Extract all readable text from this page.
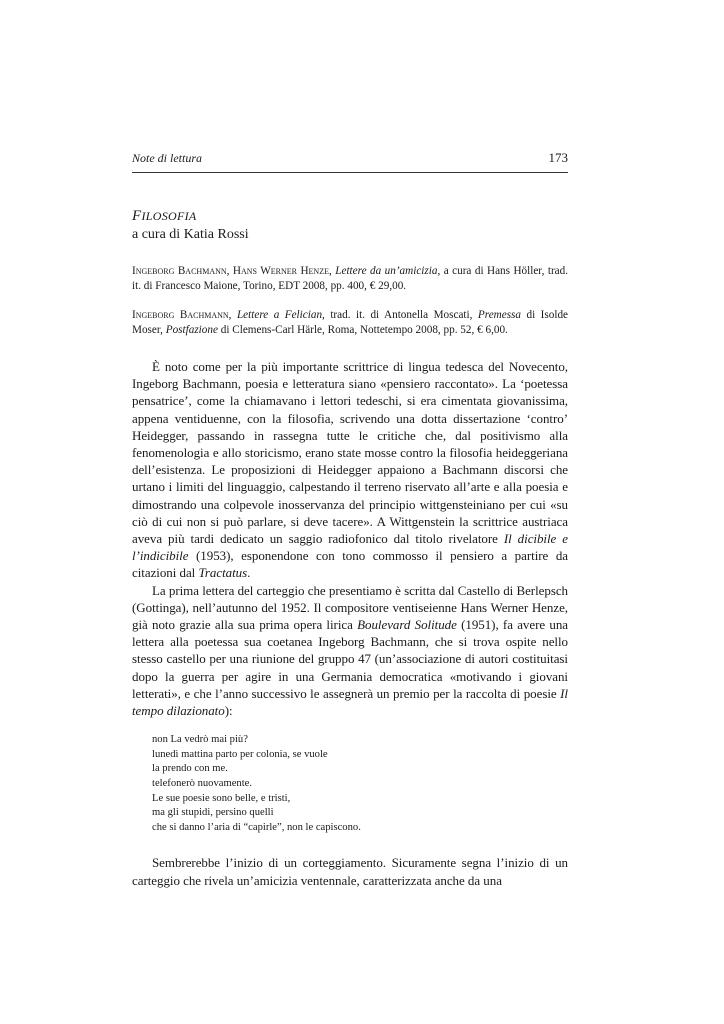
Note di lettura	173
FILOSOFIA
a cura di Katia Rossi
Ingeborg Bachmann, Hans Werner Henze, Lettere da un’amicizia, a cura di Hans Höller, trad. it. di Francesco Maione, Torino, EDT 2008, pp. 400, € 29,00.
Ingeborg Bachmann, Lettere a Felician, trad. it. di Antonella Moscati, Premessa di Isolde Moser, Postfazione di Clemens-Carl Härle, Roma, Nottetempo 2008, pp. 52, € 6,00.

È noto come per la più importante scrittrice di lingua tedesca del Novecento, Ingeborg Bachmann, poesia e letteratura siano «pensiero raccontato». La ‘poetessa pensatrice’, come la chiamavano i lettori tedeschi, si era cimentata giovanissima, appena ventiduenne, con la filosofia, scrivendo una dotta dissertazione ‘contro’ Heidegger, passando in rassegna tutte le critiche che, dal positivismo alla fenomenologia e allo storicismo, erano state mosse contro la filosofia heideggeriana dell’esistenza. Le proposizioni di Heidegger appaiono a Bachmann discorsi che urtano i limiti del linguaggio, calpestando il terreno riservato all’arte e alla poesia e dimostrando una colpevole inosservanza del principio wittgensteiniano per cui «su ciò di cui non si può parlare, si deve tacere». A Wittgenstein la scrittrice austriaca aveva più tardi dedicato un saggio radiofonico dal titolo rivelatore Il dicibile e l’indicibile (1953), esponendone con tono commosso il pensiero a partire da citazioni dal Tractatus.

La prima lettera del carteggio che presentiamo è scritta dal Castello di Berlepsch (Gottinga), nell’autunno del 1952. Il compositore ventiseienne Hans Werner Henze, già noto grazie alla sua prima opera lirica Boulevard Solitude (1951), fa avere una lettera alla poetessa sua coetanea Ingeborg Bachmann, che si trova ospite nello stesso castello per una riunione del gruppo 47 (un’associazione di autori costituitasi dopo la guerra per agire in una Germania democratica «motivando i giovani letterati», e che l’anno successivo le assegnerà un premio per la raccolta di poesie Il tempo dilazionato):

non La vedrò mai più?
lunedì mattina parto per colonia, se vuole
la prendo con me.
telefonerò nuovamente.
Le sue poesie sono belle, e tristi,
ma gli stupidi, persino quelli
che si danno l’aria di “capirle”, non le capiscono.

Sembrerebbe l’inizio di un corteggiamento. Sicuramente segna l’inizio di un carteggio che rivela un’amicizia ventennale, caratterizzata anche da una
